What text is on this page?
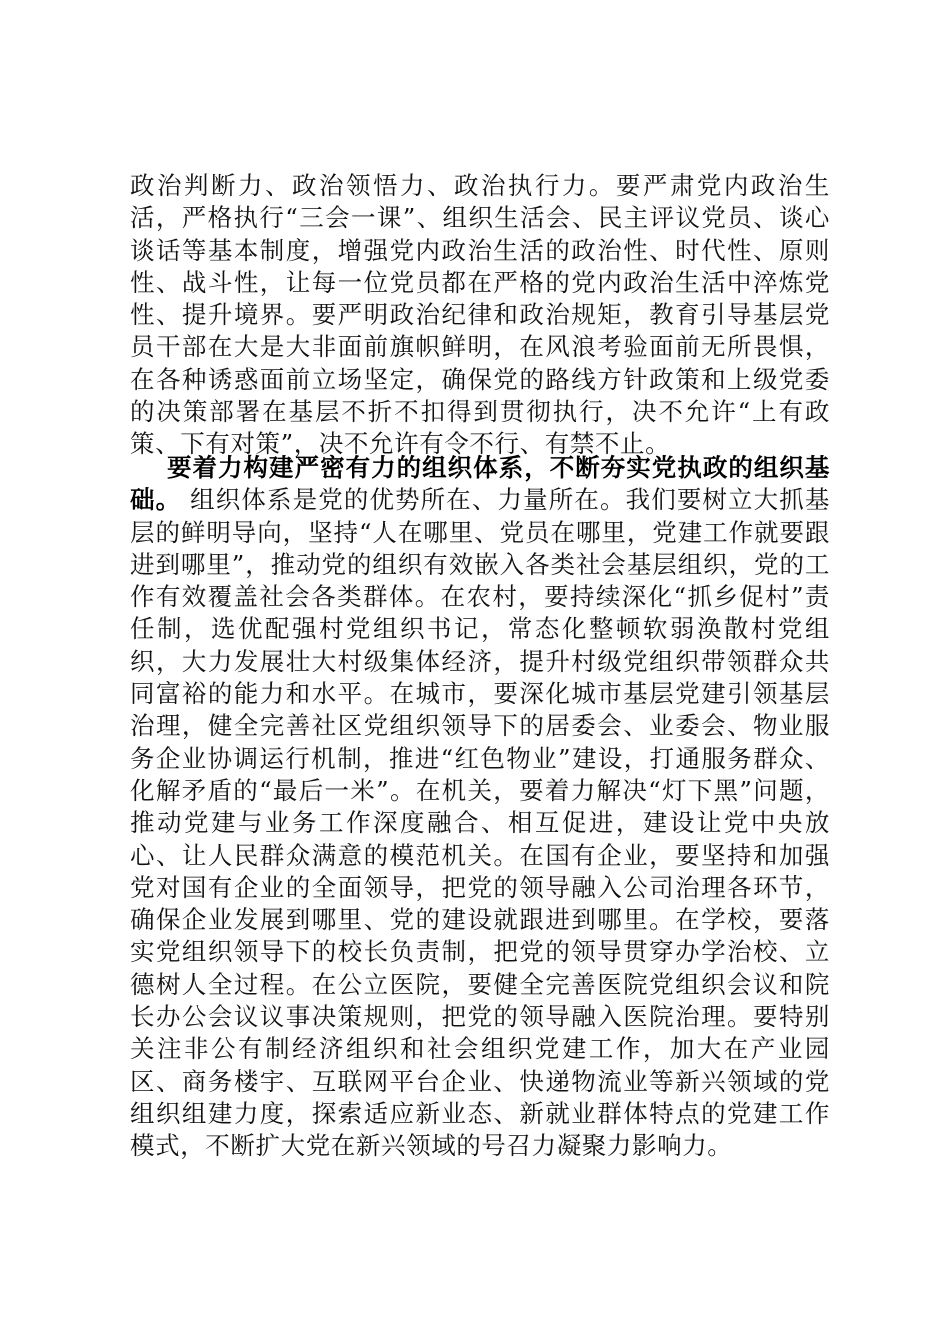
政治判断力、政治领悟力、政治执行力。要严肃党内政治生活，严格执行“三会一课”、组织生活会、民主评议党员、谈心谈话等基本制度，增强党内政治生活的政治性、时代性、原则性、战斗性，让每一位党员都在严格的党内政治生活中淬炼党性、提升境界。要严明政治纪律和政治规矩，教育引导基层党员干部在大是大非面前旗帜鲜明，在风浪考验面前无所畏惧，在各种诱惑面前立场坚定，确保党的路线方针政策和上级党委的决策部署在基层不折不扣得到贯彻执行，决不允许“上有政策、下有对策”，决不允许有令不行、有禁不止。

要着力构建严密有力的组织体系，不断夯实党执政的组织基础。 组织体系是党的优势所在、力量所在。我们要树立大抓基层的鲜明导向，坚持“人在哪里、党员在哪里，党建工作就要跟进到哪里”，推动党的组织有效嵌入各类社会基层组织，党的工作有效覆盖社会各类群体。在农村，要持续深化“抓乡促村”责任制，选优配强村党组织书记，常态化整顿软弱涣散村党组织，大力发展壮大村级集体经济，提升村级党组织带领群众共同富裕的能力和水平。在城市，要深化城市基层党建引领基层治理，健全完善社区党组织领导下的居委会、业委会、物业服务企业协调运行机制，推进“红色物业”建设，打通服务群众、化解矛盾的“最后一米”。在机关，要着力解决“灯下黑”问题，推动党建与业务工作深度融合、相互促进，建设让党中央放心、让人民群众满意的模范机关。在国有企业，要坚持和加强党对国有企业的全面领导，把党的领导融入公司治理各环节，确保企业发展到哪里、党的建设就跟进到哪里。在学校，要落实党组织领导下的校长负责制，把党的领导贯穿办学治校、立德树人全过程。在公立医院，要健全完善医院党组织会议和院长办公会议议事决策规则，把党的领导融入医院治理。要特别关注非公有制经济组织和社会组织党建工作，加大在产业园区、商务楼宇、互联网平台企业、快递物流业等新兴领域的党组织组建力度，探索适应新业态、新就业群体特点的党建工作模式，不断扩大党在新兴领域的号召力凝聚力影响力。
